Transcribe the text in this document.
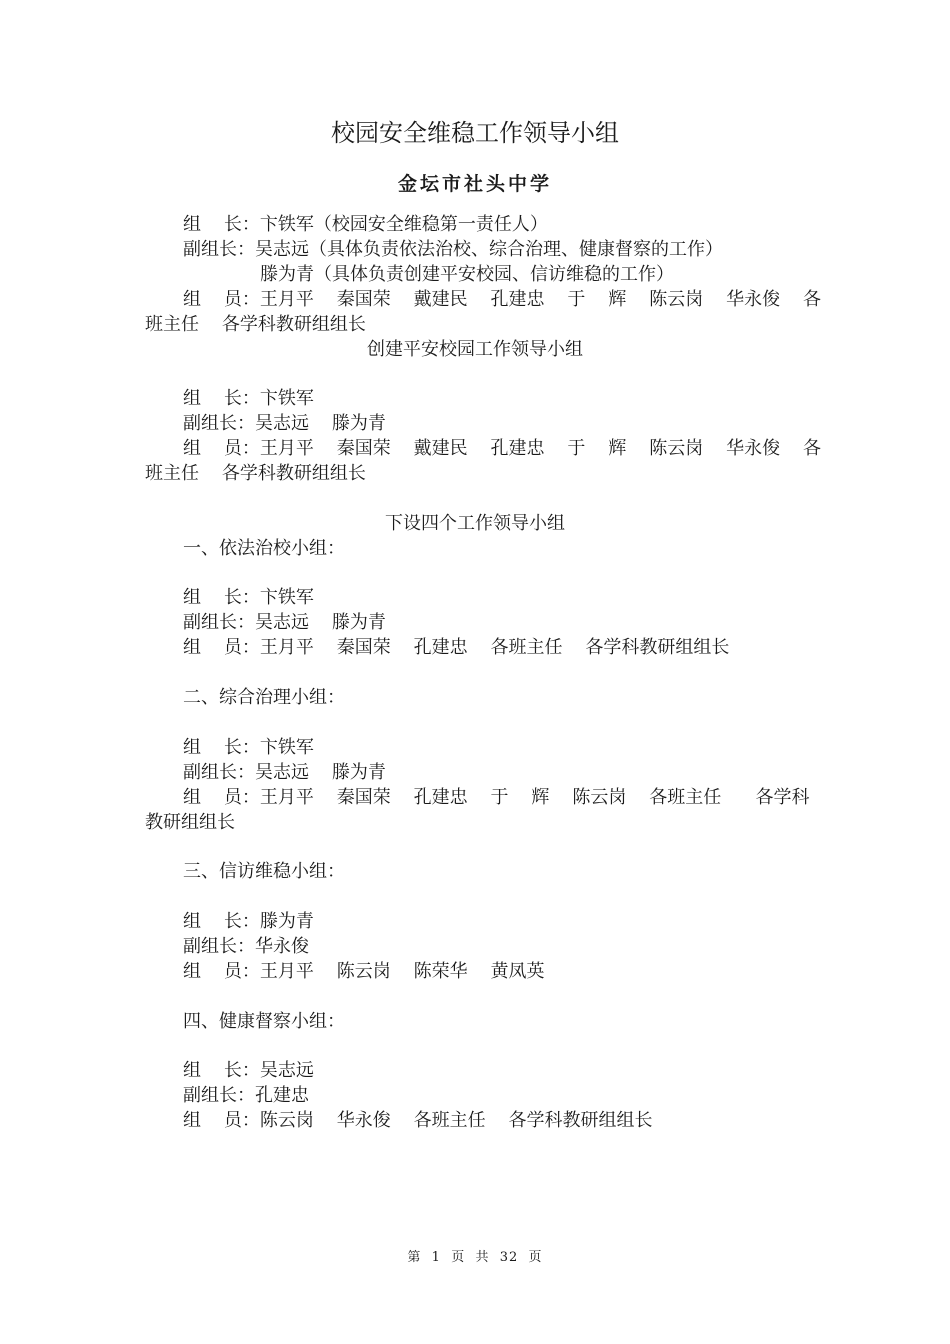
校园安全维稳工作领导小组

金坛市社头中学

组    长：卞铁军（校园安全维稳第一责任人）

副组长：吴志远（具体负责依法治校、综合治理、健康督察的工作）

滕为青（具体负责创建平安校园、信访维稳的工作）

组    员：王月平    秦国荣    戴建民    孔建忠    于    辉    陈云岗    华永俊    各

班主任    各学科教研组组长

创建平安校园工作领导小组

组    长：卞铁军

副组长：吴志远    滕为青

组    员：王月平    秦国荣    戴建民    孔建忠    于    辉    陈云岗    华永俊    各

班主任    各学科教研组组长

下设四个工作领导小组

一、依法治校小组：

组    长：卞铁军

副组长：吴志远    滕为青

组    员：王月平    秦国荣    孔建忠    各班主任    各学科教研组组长

二、综合治理小组：

组    长：卞铁军

副组长：吴志远    滕为青

组    员：王月平    秦国荣    孔建忠    于    辉    陈云岗    各班主任      各学科

教研组组长

三、信访维稳小组：

组    长：滕为青

副组长：华永俊

组    员：王月平    陈云岗    陈荣华    黄凤英

四、健康督察小组：

组    长：吴志远

副组长：孔建忠

组    员：陈云岗    华永俊    各班主任    各学科教研组组长

第  1  页  共  32  页
